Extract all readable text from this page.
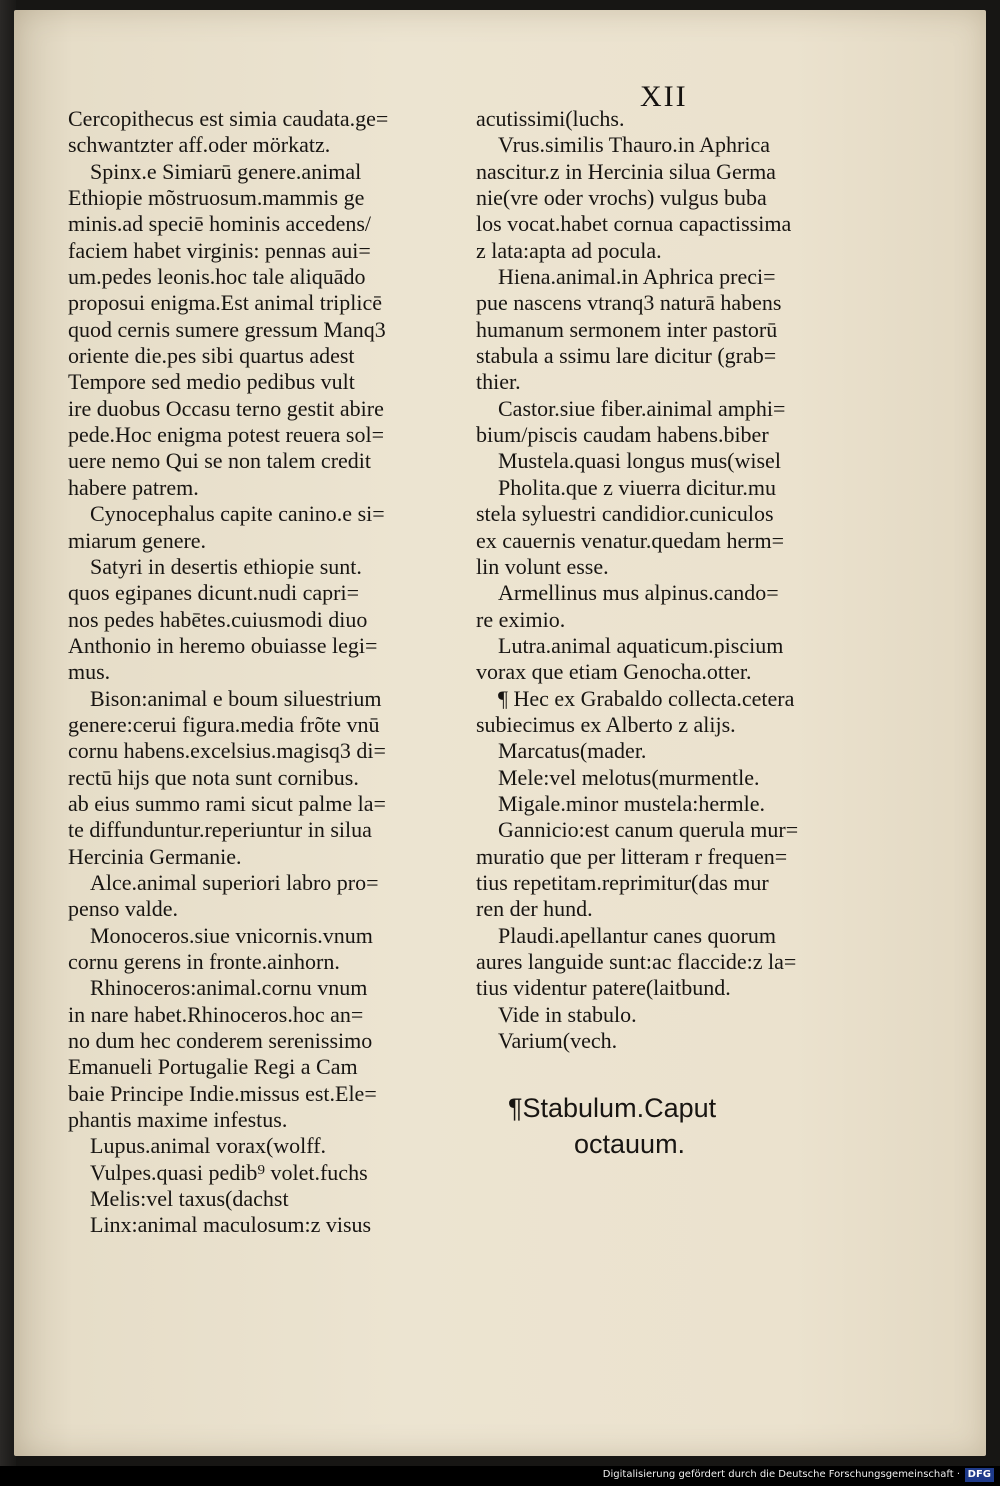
XII
Cercopithecus est simia caudata.ge=
schwantzter aff.oder mörkatz.
Spinx.e Simiarū genere.animal
Ethiopie mõstruosum.mammis ge
minis.ad speciē hominis accedens/
faciem habet virginis: pennas aui=
um.pedes leonis.hoc tale aliquādo
proposui enigma.Est animal triplicē
quod cernis sumere gressum Manq3
oriente die.pes sibi quartus adest
Tempore sed medio pedibus vult
ire duobus Occasu terno gestit abire
pede.Hoc enigma potest reuera sol=
uere nemo Qui se non talem credit
habere patrem.
Cynocephalus capite canino.e si=
miarum genere.
Satyri in desertis ethiopie sunt.
quos egipanes dicunt.nudi capri=
nos pedes habētes.cuiusmodi diuo
Anthonio in heremo obuiasse legi=
mus.
Bison:animal e boum siluestrium
genere:cerui figura.media frõte vnū
cornu habens.excelsius.magisq3 di=
rectū hijs que nota sunt cornibus.
ab eius summo rami sicut palme la=
te diffunduntur.reperiuntur in silua
Hercinia Germanie.
Alce.animal superiori labro pro=
penso valde.
Monoceros.siue vnicornis.vnum
cornu gerens in fronte.ainhorn.
Rhinoceros:animal.cornu vnum
in nare habet.Rhinoceros.hoc an=
no dum hec conderem serenissimo
Emanueli Portugalie Regi a Cam
baie Principe Indie.missus est.Ele=
phantis maxime infestus.
Lupus.animal vorax(wolff.
Vulpes.quasi pedib⁹ volet.fuchs
Melis:vel taxus(dachst
Linx:animal maculosum:z visus
acutissimi(luchs.
Vrus.similis Thauro.in Aphrica
nascitur.z in Hercinia silua Germa
nie(vre oder vrochs) vulgus buba
los vocat.habet cornua capactissima
z lata:apta ad pocula.
Hiena.animal.in Aphrica preci=
pue nascens vtranq3 naturā habens
humanum sermonem inter pastorū
stabula a ssimu lare dicitur (grab=
thier.
Castor.siue fiber.ainimal amphi=
bium/piscis caudam habens.biber
Mustela.quasi longus mus(wisel
Pholita.que z viuerra dicitur.mu
stela syluestri candidior.cuniculos
ex cauernis venatur.quedam herm=
lin volunt esse.
Armellinus mus alpinus.cando=
re eximio.
Lutra.animal aquaticum.piscium
vorax que etiam Genocha.otter.
¶ Hec ex Grabaldo collecta.cetera
subiecimus ex Alberto z alijs.
Marcatus(mader.
Mele:vel melotus(murmentle.
Migale.minor mustela:hermle.
Gannicio:est canum querula mur=
muratio que per litteram r frequen=
tius repetitam.reprimitur(das mur
ren der hund.
Plaudi.apellantur canes quorum
aures languide sunt:ac flaccide:z la=
tius videntur patere(laitbund.
Vide in stabulo.
Varium(vech.
¶Stabulum.Caput
octauum.
Digitalisierung gefördert durch die Deutsche Forschungsgemeinschaft · DFG
